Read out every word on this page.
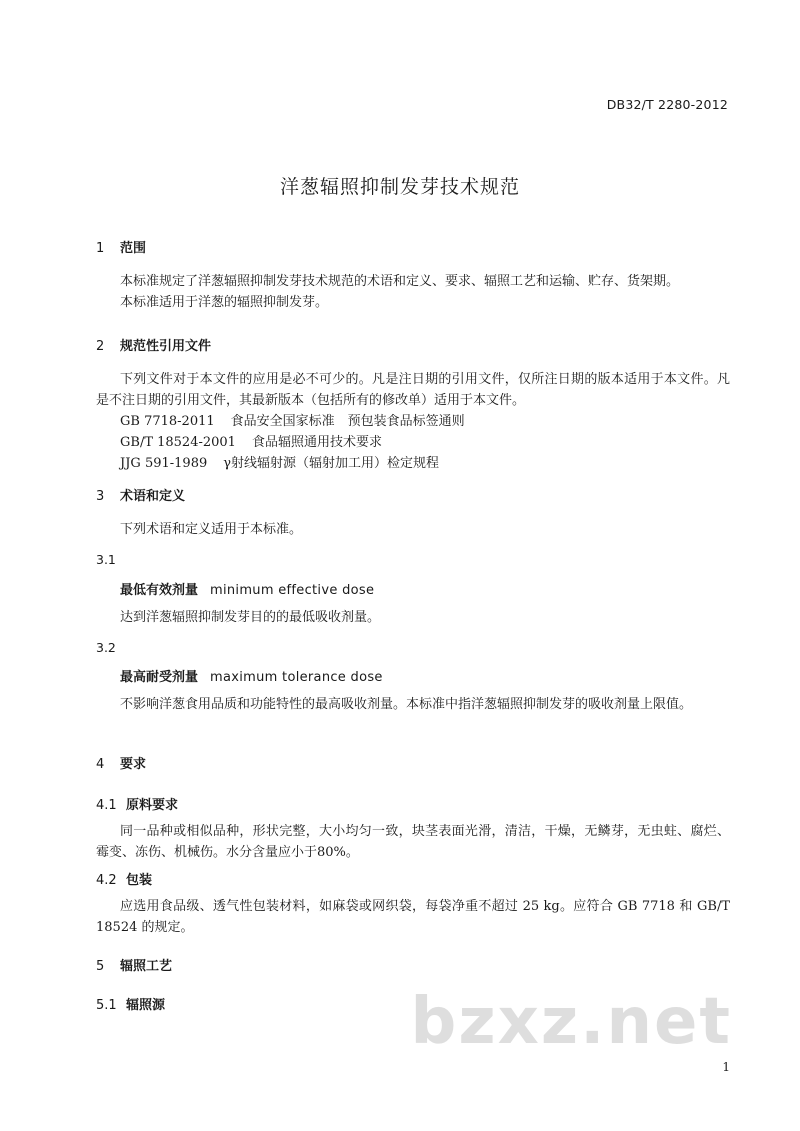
DB32/T 2280-2012
洋葱辐照抑制发芽技术规范
1 范围
本标准规定了洋葱辐照抑制发芽技术规范的术语和定义、要求、辐照工艺和运输、贮存、货架期。
本标准适用于洋葱的辐照抑制发芽。
2 规范性引用文件
下列文件对于本文件的应用是必不可少的。凡是注日期的引用文件，仅所注日期的版本适用于本文件。凡是不注日期的引用文件，其最新版本（包括所有的修改单）适用于本文件。
GB 7718-2011 食品安全国家标准　预包装食品标签通则
GB/T 18524-2001 食品辐照通用技术要求
JJG 591-1989 γ射线辐射源（辐射加工用）检定规程
3 术语和定义
下列术语和定义适用于本标准。
3.1
最低有效剂量 minimum effective dose
达到洋葱辐照抑制发芽目的的最低吸收剂量。
3.2
最高耐受剂量 maximum tolerance dose
不影响洋葱食用品质和功能特性的最高吸收剂量。本标准中指洋葱辐照抑制发芽的吸收剂量上限值。
4 要求
4.1 原料要求
同一品种或相似品种，形状完整，大小均匀一致，块茎表面光滑，清洁，干燥，无鳞芽，无虫蛀、腐烂、霉变、冻伤、机械伤。水分含量应小于80%。
4.2 包装
应选用食品级、透气性包装材料，如麻袋或网织袋，每袋净重不超过 25 kg。应符合 GB 7718 和 GB/T 18524 的规定。
5 辐照工艺
5.1 辐照源	bzxz.net
1
